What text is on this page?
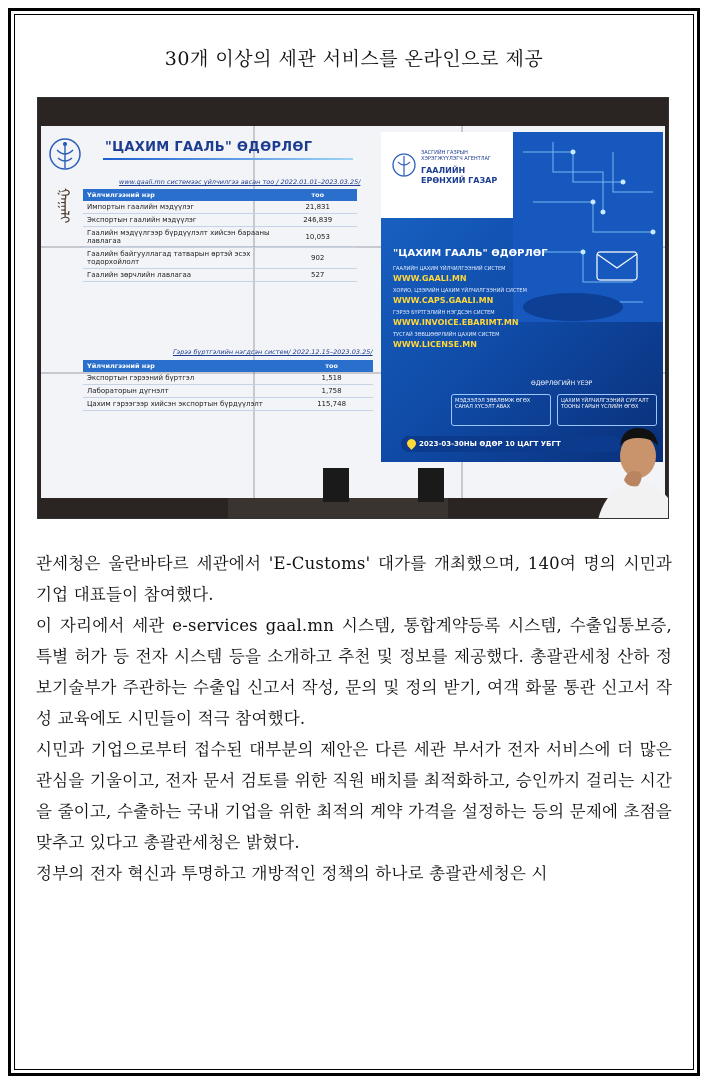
30개 이상의 세관 서비스를 온라인으로 제공
ᠭᠠᠭᠠᠯᠢ
"ЦАХИМ ГААЛЬ" ӨДӨРЛӨГ
www.gaali.mn системээс үйлчилгээ авсан тоо / 2022.01.01–2023.03.25/
Үйлчилгээний нэр	тоо
Импортын гаалийн мэдүүлэг	21,831
Экспортын гаалийн мэдүүлэг	246,839
Гаалийн мэдүүлгээр бүрдүүлэлт хийсэн барааны лавлагаа	10,053
Гаалийн байгууллагад татварын өртэй эсэх тодорхойлолт	902
Гаалийн зөрчлийн лавлагаа	527
Гэрээ бүртгэлийн нэгдсэн систем/ 2022.12.15–2023.03.25/
Үйлчилгээний нэр	тоо
Экспортын гэрээний бүртгэл	1,518
Лабораторын дүгнэлт	1,758
Цахим гэрээгээр хийсэн экспортын бүрдүүлэлт	115,748
ЗАСГИЙН ГАЗРЫН ХЭРЭГЖҮҮЛЭГЧ АГЕНТЛАГ
ГААЛИЙН ЕРӨНХИЙ ГАЗАР
"ЦАХИМ ГААЛЬ" ӨДӨРЛӨГ
ГААЛИЙН ЦАХИМ ҮЙЛЧИЛГЭЭНИЙ СИСТЕМ
WWW.GAALI.MN
ХОРИО, ЦЭЭРИЙН ЦАХИМ ҮЙЛЧИЛГЭЭНИЙ СИСТЕМ
WWW.CAPS.GAALI.MN
ГЭРЭЭ БҮРТГЭЛИЙН НЭГДСЭН СИСТЕМ
WWW.INVOICE.EBARIMT.MN
ТУСГАЙ ЗӨВШӨӨРЛИЙН ЦАХИМ СИСТЕМ
WWW.LICENSE.MN
ӨДӨРЛӨГИЙН ҮЕЭР
МЭДЭЭЛЭЛ ЗӨВЛӨМЖ ӨГӨХ САНАЛ ХҮСЭЛТ АВАХ
ЦАХИМ ҮЙЛЧИЛГЭЭНИЙ СУРГАЛТ ТООНЫ ГАРЫН ҮСЛИЙН ӨГӨХ
2023-03-30НЫ ӨДӨР 10 ЦАГТ УБГТ

관세청은 울란바타르 세관에서 'E-Customs' 대가를 개최했으며, 140여 명의 시민과 기업 대표들이 참여했다.

이 자리에서 세관 e-services gaal.mn 시스템, 통합계약등록 시스템, 수출입통보증, 특별 허가 등 전자 시스템 등을 소개하고 추천 및 정보를 제공했다. 총괄관세청 산하 정보기술부가 주관하는 수출입 신고서 작성, 문의 및 정의 받기, 여객 화물 통관 신고서 작성 교육에도 시민들이 적극 참여했다.

시민과 기업으로부터 접수된 대부분의 제안은 다른 세관 부서가 전자 서비스에 더 많은 관심을 기울이고, 전자 문서 검토를 위한 직원 배치를 최적화하고, 승인까지 걸리는 시간을 줄이고, 수출하는 국내 기업을 위한 최적의 계약 가격을 설정하는 등의 문제에 초점을 맞추고 있다고 총괄관세청은 밝혔다.

정부의 전자 혁신과 투명하고 개방적인 정책의 하나로 총괄관세청은 시
